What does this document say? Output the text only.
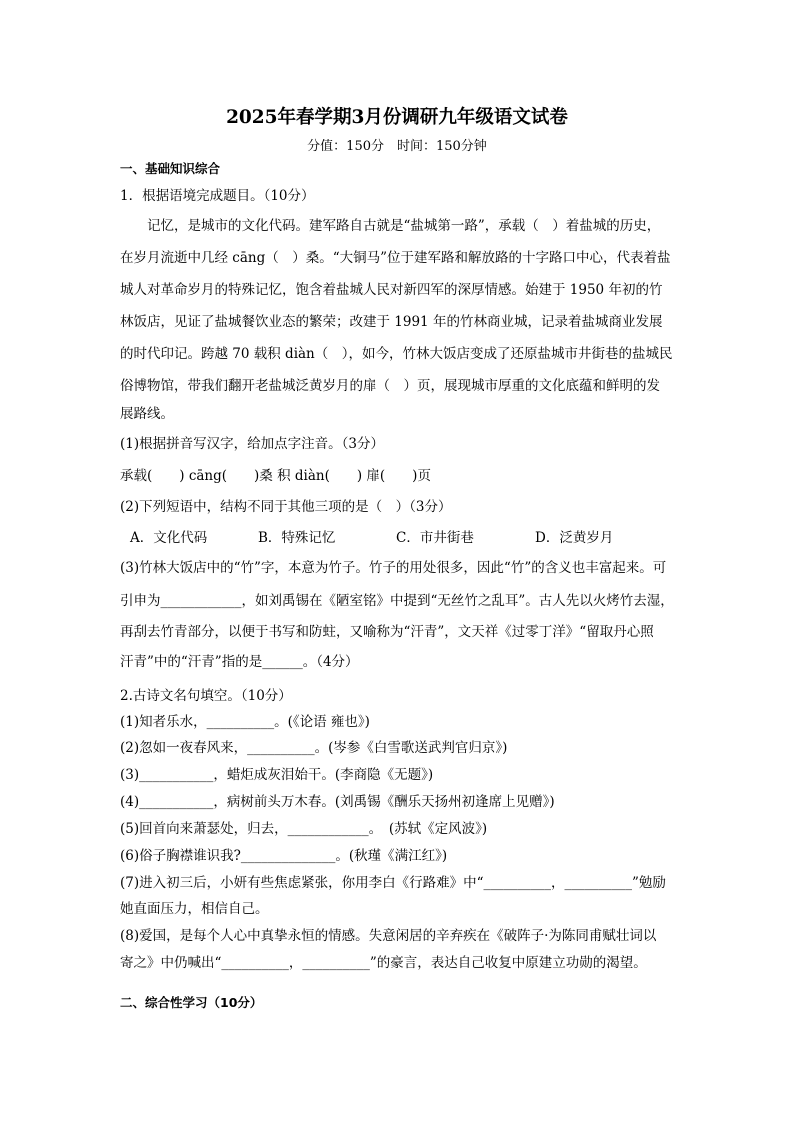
2025年春学期3月份调研九年级语文试卷
分值：150分　时间：150分钟
一、基础知识综合
1．根据语境完成题目。（10分）
　　记忆，是城市的文化代码。建军路自古就是“盐城第一路”，承载（　）着盐城的历史，
在岁月流逝中几经 cāng（　）桑。“大铜马”位于建军路和解放路的十字路口中心，代表着盐
城人对革命岁月的特殊记忆，饱含着盐城人民对新四军的深厚情感。始建于 1950 年初的竹
林饭店，见证了盐城餐饮业态的繁荣；改建于 1991 年的竹林商业城，记录着盐城商业发展
的时代印记。跨越 70 载积 diàn（　），如今，竹林大饭店变成了还原盐城市井街巷的盐城民
俗博物馆，带我们翻开老盐城泛黄岁月的扉（　）页，展现城市厚重的文化底蕴和鲜明的发
展路线。
(1)根据拼音写汉字，给加点字注音。（3分）
承载(　　) cāng(　　)桑 积 diàn(　　) 扉(　　)页
(2)下列短语中，结构不同于其他三项的是（　）（3分）
A．文化代码	B．特殊记忆	C．市井街巷	D．泛黄岁月
(3)竹林大饭店中的“竹”字，本意为竹子。竹子的用处很多，因此“竹”的含义也丰富起来。可
引申为____________，如刘禹锡在《陋室铭》中提到“无丝竹之乱耳”。古人先以火烤竹去湿，
再刮去竹青部分，以便于书写和防蛀，又喻称为“汗青”，文天祥《过零丁洋》“留取丹心照
汗青”中的“汗青”指的是______。（4分）
2.古诗文名句填空。（10分）
(1)知者乐水，__________。(《论语 雍也》)
(2)忽如一夜春风来，__________。(岑参《白雪歌送武判官归京》)
(3)___________，蜡炬成灰泪始干。(李商隐《无题》)
(4)___________，病树前头万木春。(刘禹锡《酬乐天扬州初逢席上见赠》)
(5)回首向来萧瑟处，归去，____________。　(苏轼《定风波》)
(6)俗子胸襟谁识我?______________。(秋瑾《满江红》)
(7)进入初三后，小妍有些焦虑紧张，你用李白《行路难》中“__________，__________”勉励
她直面压力，相信自己。
(8)爱国，是每个人心中真挚永恒的情感。失意闲居的辛弃疾在《破阵子·为陈同甫赋壮词以
寄之》中仍喊出“__________，__________”的豪言，表达自己收复中原建立功勋的渴望。
二、综合性学习（10分）
